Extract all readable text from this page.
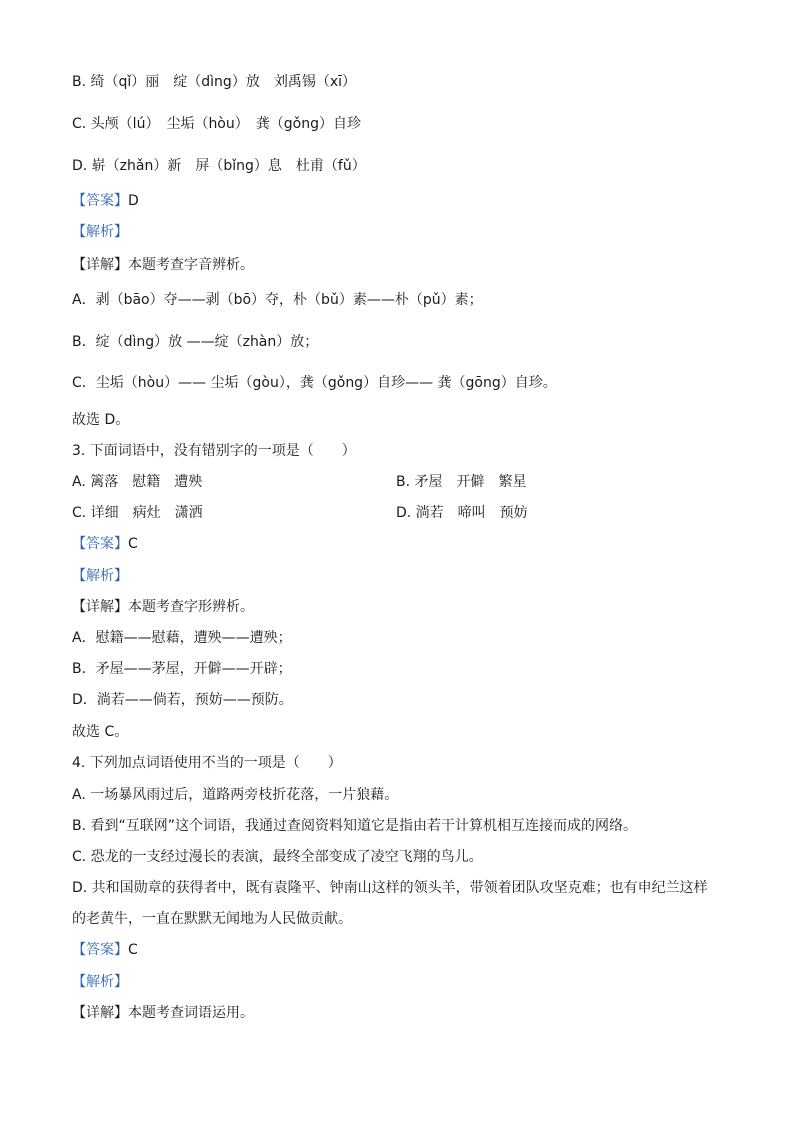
B. 绮（qǐ）丽　绽（dìng）放　刘禹锡（xī）
C. 头颅（lú）　尘垢（hòu）　龚（gǒng）自珍
D. 崭（zhǎn）新　屏（bǐng）息　杜甫（fǔ）
【答案】D
【解析】
【详解】本题考查字音辨析。
A．剥（bāo）夺——剥（bō）夺，朴（bǔ）素——朴（pǔ）素；
B．绽（dìng）放 ——绽（zhàn）放；
C．尘垢（hòu）—— 尘垢（gòu），龚（gǒng）自珍—— 龚（gōng）自珍。
故选 D。
3. 下面词语中，没有错别字的一项是（　　）
A. 篱落　慰籍　遭殃	B. 矛屋　开僻　繁星
C. 详细　病灶　潇洒	D. 淌若　啼叫　预妨
【答案】C
【解析】
【详解】本题考查字形辨析。
A．慰籍——慰藉，遭殃——遭殃；
B．矛屋——茅屋，开僻——开辟；
D．淌若——倘若，预妨——预防。
故选 C。
4. 下列加点词语使用不当的一项是（　　）
A. 一场暴风雨过后，道路两旁枝折花落，一片狼藉。
B. 看到“互联网”这个词语，我通过查阅资料知道它是指由若干计算机相互连接而成的网络。
C. 恐龙的一支经过漫长的表演，最终全部变成了凌空飞翔的鸟儿。
D. 共和国勋章的获得者中，既有袁隆平、钟南山这样的领头羊，带领着团队攻坚克难；也有申纪兰这样
的老黄牛，一直在默默无闻地为人民做贡献。
【答案】C
【解析】
【详解】本题考查词语运用。
